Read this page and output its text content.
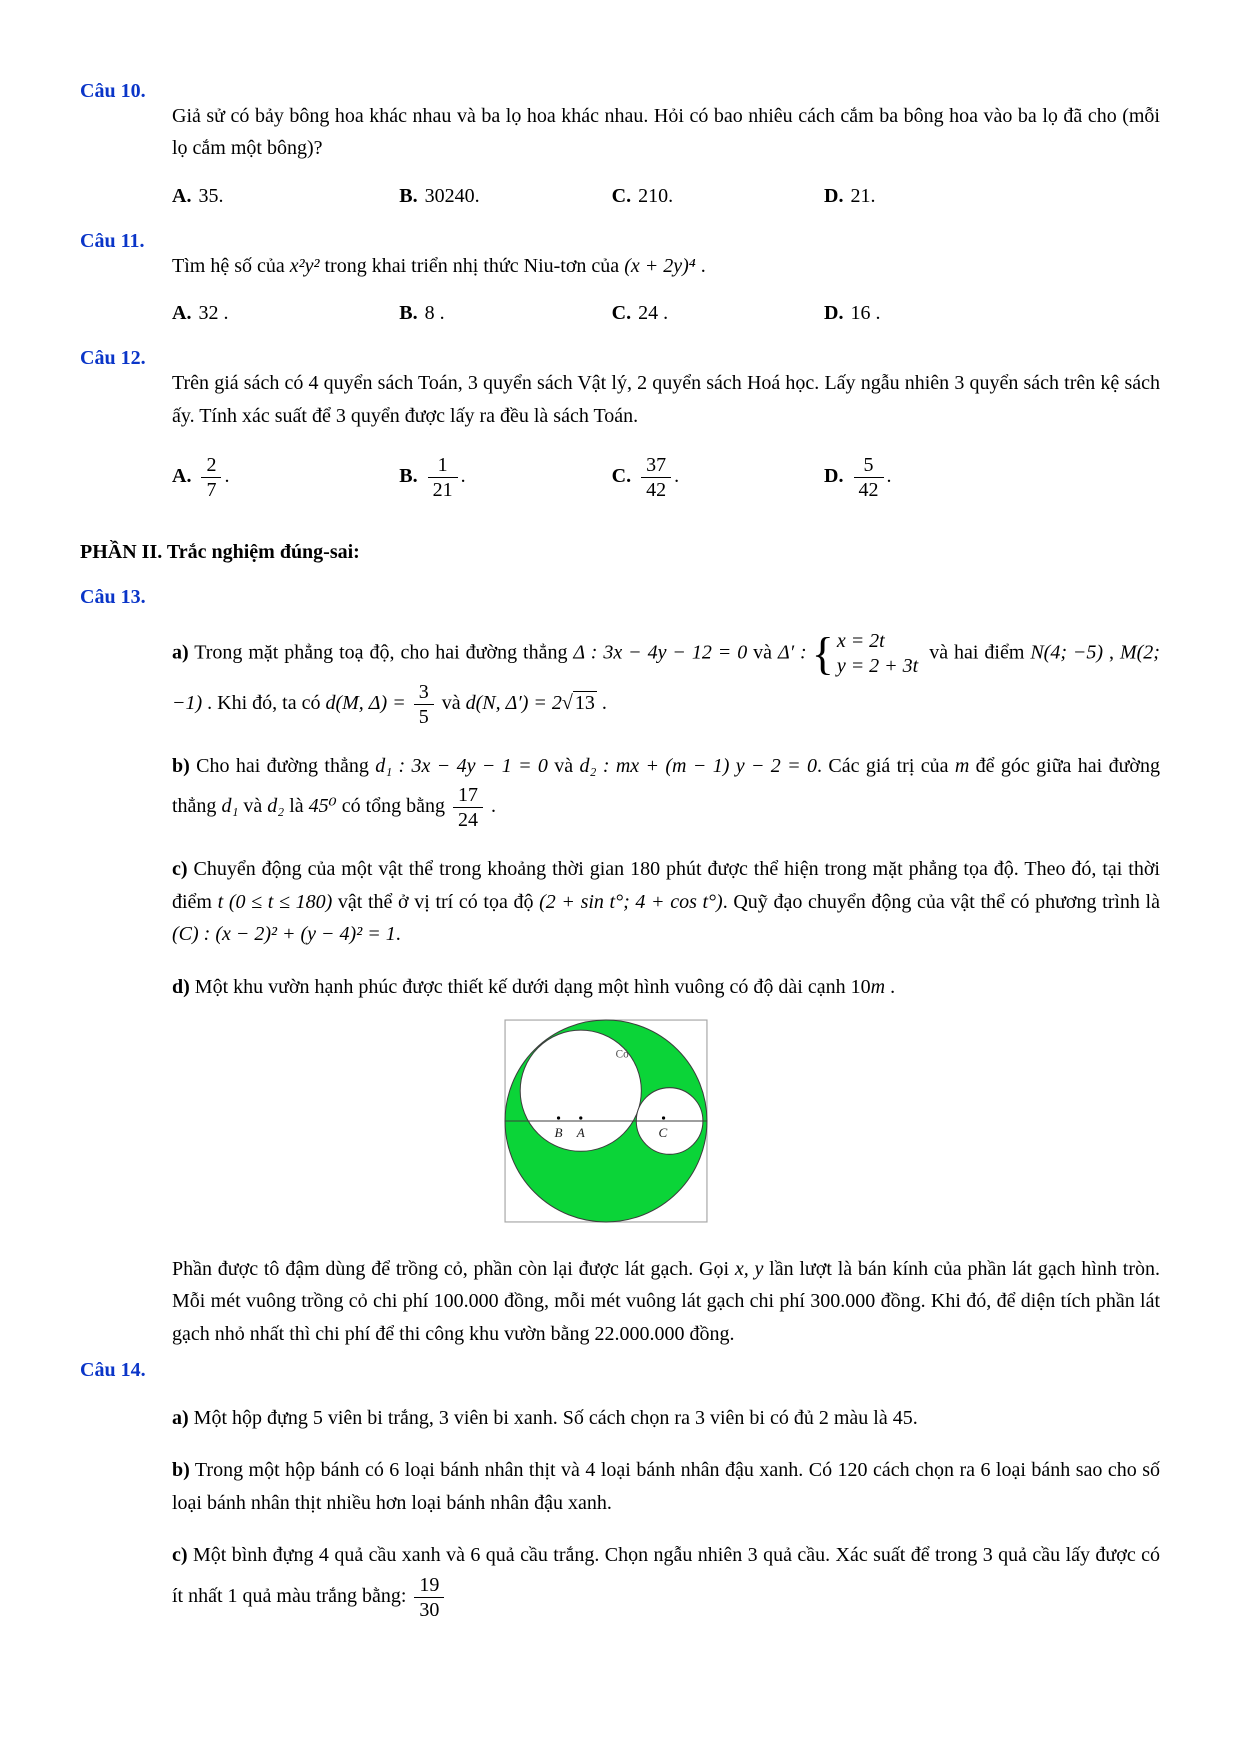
Câu 10.

Giả sử có bảy bông hoa khác nhau và ba lọ hoa khác nhau. Hỏi có bao nhiêu cách cắm ba bông hoa vào ba lọ đã cho (mỗi lọ cắm một bông)?

A. 35.	B. 30240.	C. 210.	D. 21.
Câu 11.

Tìm hệ số của x²y² trong khai triển nhị thức Niu-tơn của (x + 2y)⁴ .

A. 32 .	B. 8 .	C. 24 .	D. 16 .
Câu 12.

Trên giá sách có 4 quyển sách Toán, 3 quyển sách Vật lý, 2 quyển sách Hoá học. Lấy ngẫu nhiên 3 quyển sách trên kệ sách ấy. Tính xác suất để 3 quyển được lấy ra đều là sách Toán.

A. $\frac{2}{7}$ .	B. $\frac{1}{21}$ .	C. $\frac{37}{42}$ .	D. $\frac{5}{42}$ .
PHẦN II. Trắc nghiệm đúng-sai:
Câu 13.

a) Trong mặt phẳng toạ độ, cho hai đường thẳng Δ : 3x − 4y − 12 = 0 và Δ′ : { x = 2t
y = 2 + 3t
và hai điểm N(4; −5) , M(2; −1) . Khi đó, ta có d(M, $\Delta) = \frac{3}{5}$ và d(N, Δ′) = 2√ 13 .

b) Cho hai đường thẳng d₁ : 3x − 4y − 1 = 0 và d₂ : mx + (m − 1) y − 2 = 0. Các giá trị của m để góc giữa hai đường thẳng d₁ và d₂ là 45⁰ có tổng bằng $\frac{17}{24}$ .

c) Chuyển động của một vật thể trong khoảng thời gian 180 phút được thể hiện trong mặt phẳng tọa độ. Theo đó, tại thời điểm t (0 ≤ t ≤ 180) vật thể ở vị trí có tọa độ (2 + sin t°; 4 + cos t°). Quỹ đạo chuyển động của vật thể có phương trình là (C) : (x − 2)² + (y − 4)² = 1.

d) Một khu vườn hạnh phúc được thiết kế dưới dạng một hình vuông có độ dài cạnh 10m .

B A	C
Cỏ

Phần được tô đậm dùng để trồng cỏ, phần còn lại được lát gạch. Gọi x, y lần lượt là bán kính của phần lát gạch hình tròn. Mỗi mét vuông trồng cỏ chi phí 100.000 đồng, mỗi mét vuông lát gạch chi phí 300.000 đồng. Khi đó, để diện tích phần lát gạch nhỏ nhất thì chi phí để thi công khu vườn bằng 22.000.000 đồng.

Câu 14.

a) Một hộp đựng 5 viên bi trắng, 3 viên bi xanh. Số cách chọn ra 3 viên bi có đủ 2 màu là 45.

b) Trong một hộp bánh có 6 loại bánh nhân thịt và 4 loại bánh nhân đậu xanh. Có 120 cách chọn ra 6 loại bánh sao cho số loại bánh nhân thịt nhiều hơn loại bánh nhân đậu xanh.

c) Một bình đựng 4 quả cầu xanh và 6 quả cầu trắng. Chọn ngẫu nhiên 3 quả cầu. Xác suất để trong 3 quả cầu lấy được có ít nhất 1 quả màu trắng bằng: $\frac{19}{30}$
